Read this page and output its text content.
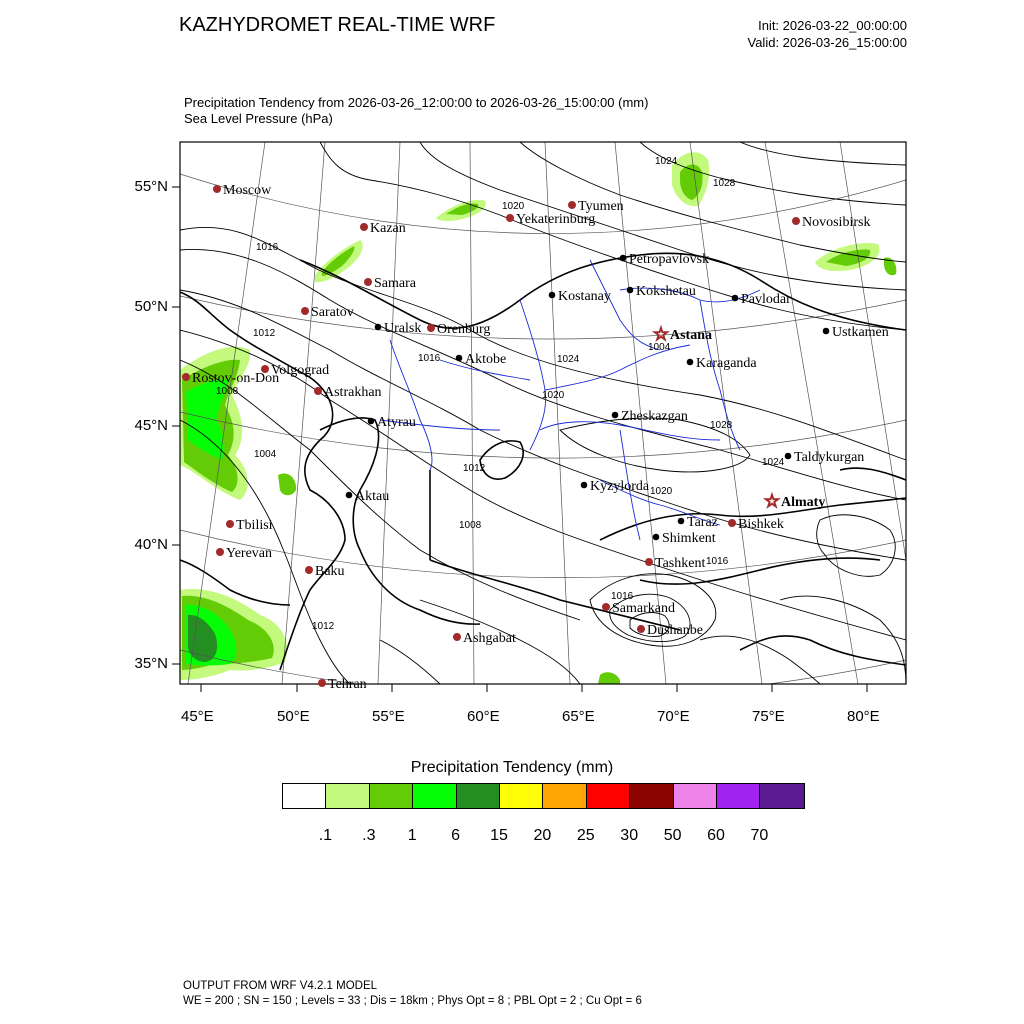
KAZHYDROMET REAL-TIME WRF	Init: 2026-03-22_00:00:00
Valid: 2026-03-26_15:00:00
Precipitation Tendency from 2026-03-26_12:00:00 to 2026-03-26_15:00:00 (mm)
Sea Level Pressure (hPa)
1024
1028
1020
1016
1012
1008
1004
1024
1020
1016
1012
1008
1004
1028
1024
1020
1016
1016
1012
Moscow
Kazan
Tyumen
Yekaterinburg	Novosibirsk
Samara
Saratov
Orenburg
Volgograd
Rostov-on-Don
Astrakhan
Tbilisi
Yerevan
Baku
Tehran
Ashgabat
Tashkent
Samarkand
Dushanbe
Bishkek
Petropavlovsk
Kostanay Kokshetau
Pavlodar
Ustkamen
Uralsk
Aktobe	Karaganda
Atyrau	Zheskazgan
Taldykurgan
Aktau
Kyzylorda
Taraz
Shimkent
☆ Astana
☆ Almaty
55°N
50°N
45°N
40°N
35°N
45°E	50°E	55°E	60°E	65°E	70°E	75°E	80°E
Precipitation Tendency (mm)
.1 .3 1 6 15 20 25 30 50 60 70
OUTPUT FROM WRF V4.2.1 MODEL
WE = 200 ; SN = 150 ; Levels = 33 ; Dis = 18km ; Phys Opt = 8 ; PBL Opt = 2 ; Cu Opt = 6
